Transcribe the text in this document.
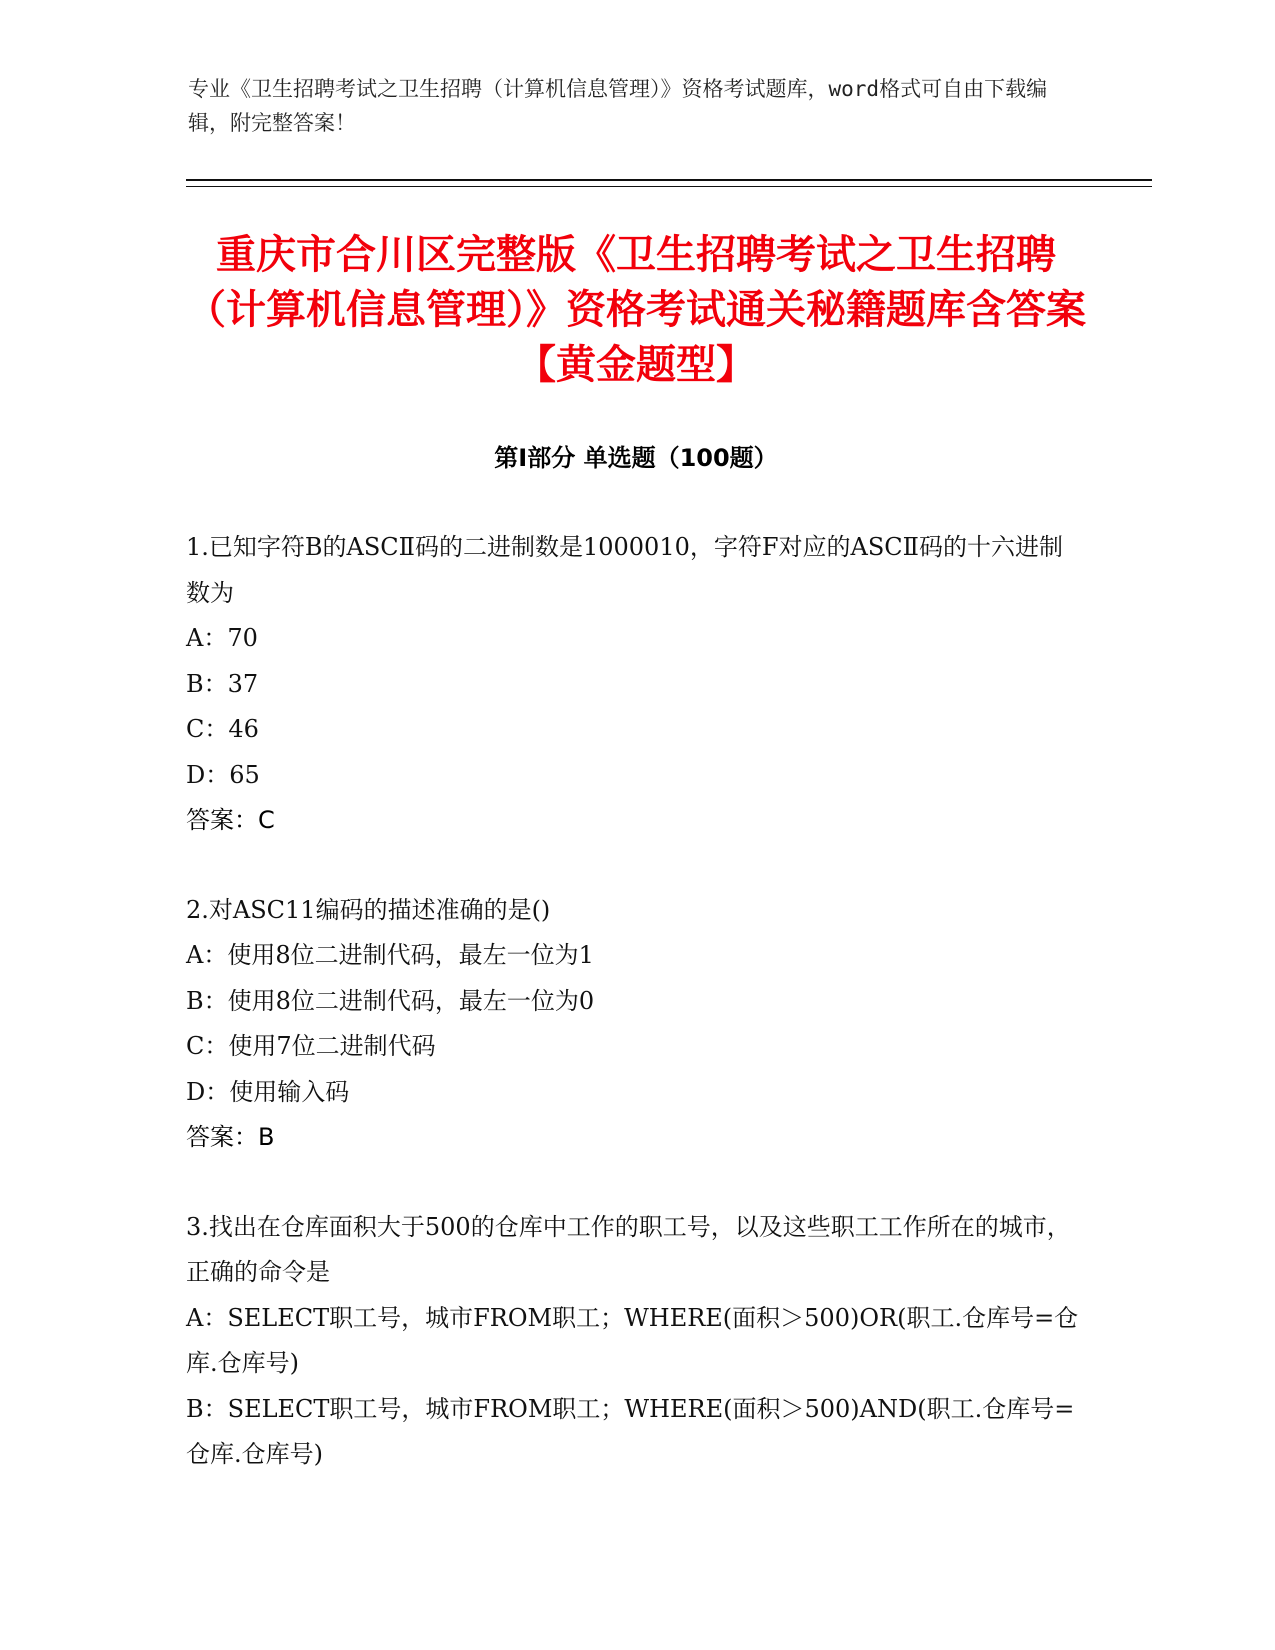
专业《卫生招聘考试之卫生招聘（计算机信息管理）》资格考试题库，word格式可自由下载编辑，附完整答案！
重庆市合川区完整版《卫生招聘考试之卫生招聘（计算机信息管理）》资格考试通关秘籍题库含答案【黄金题型】
第I部分 单选题（100题）

1.已知字符B的ASCⅡ码的二进制数是1000010，字符F对应的ASCⅡ码的十六进制数为

A：70

B：37

C：46

D：65

答案：C

2.对ASC11编码的描述准确的是()

A：使用8位二进制代码，最左一位为1

B：使用8位二进制代码，最左一位为0

C：使用7位二进制代码

D：使用输入码

答案：B

3.找出在仓库面积大于500的仓库中工作的职工号，以及这些职工工作所在的城市，正确的命令是

A：SELECT职工号，城市FROM职工；WHERE(面积＞500)OR(职工.仓库号=仓库.仓库号)

B：SELECT职工号，城市FROM职工；WHERE(面积＞500)AND(职工.仓库号=仓库.仓库号)
